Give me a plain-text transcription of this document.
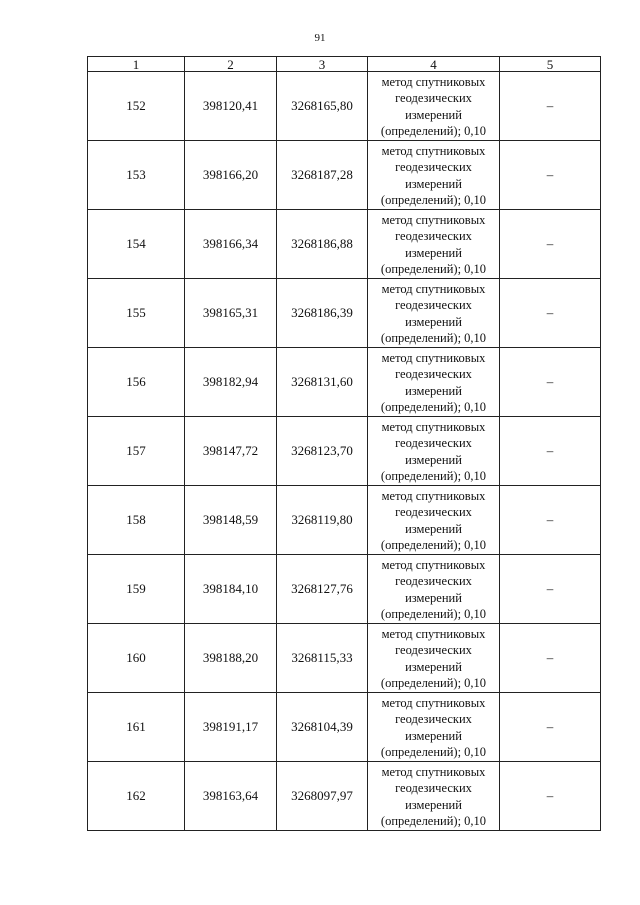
91
1	2	3	4	5
152	398120,41	3268165,80	метод спутниковых
геодезических
измерений
(определений); 0,10	–
153	398166,20	3268187,28	метод спутниковых
геодезических
измерений
(определений); 0,10	–
154	398166,34	3268186,88	метод спутниковых
геодезических
измерений
(определений); 0,10	–
155	398165,31	3268186,39	метод спутниковых
геодезических
измерений
(определений); 0,10	–
156	398182,94	3268131,60	метод спутниковых
геодезических
измерений
(определений); 0,10	–
157	398147,72	3268123,70	метод спутниковых
геодезических
измерений
(определений); 0,10	–
158	398148,59	3268119,80	метод спутниковых
геодезических
измерений
(определений); 0,10	–
159	398184,10	3268127,76	метод спутниковых
геодезических
измерений
(определений); 0,10	–
160	398188,20	3268115,33	метод спутниковых
геодезических
измерений
(определений); 0,10	–
161	398191,17	3268104,39	метод спутниковых
геодезических
измерений
(определений); 0,10	–
162	398163,64	3268097,97	метод спутниковых
геодезических
измерений
(определений); 0,10	–
